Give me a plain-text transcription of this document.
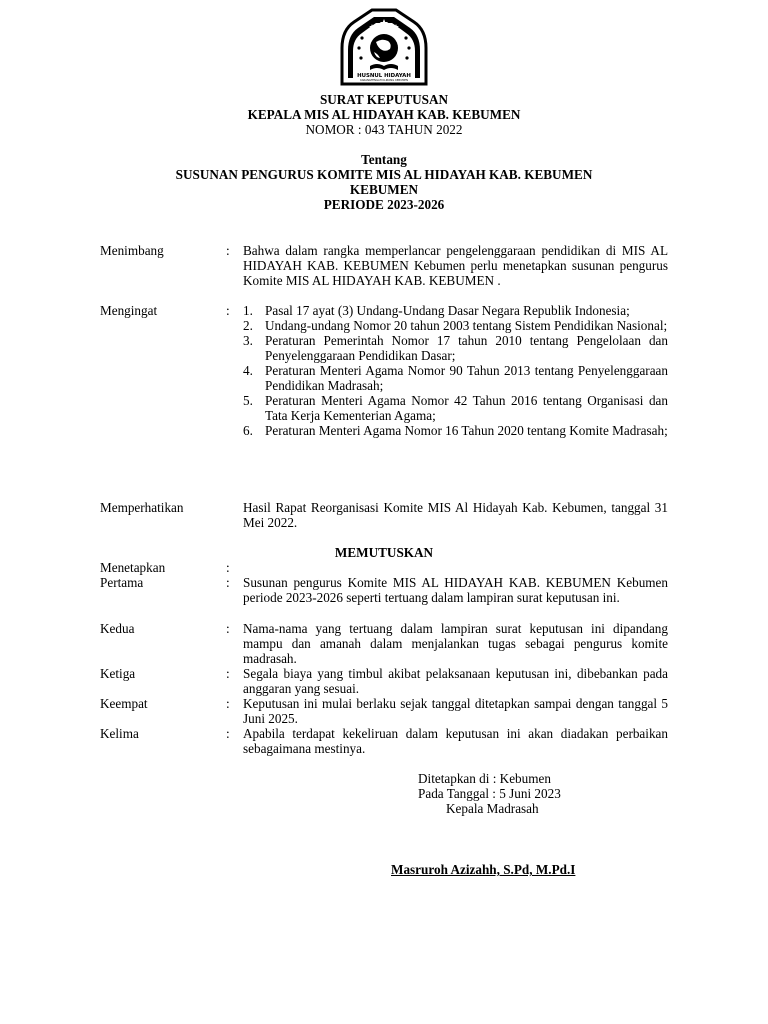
HUSNUL HIDAYAH
KARANGTENGAH KLIRONG KEBUMEN
SURAT KEPUTUSAN
KEPALA MIS AL HIDAYAH KAB. KEBUMEN
NOMOR : 043 TAHUN 2022
Tentang
SUSUNAN PENGURUS KOMITE MIS AL HIDAYAH KAB. KEBUMEN
KEBUMEN
PERIODE 2023-2026
Menimbang	: Bahwa dalam rangka memperlancar pengelenggaraan pendidikan di MIS AL HIDAYAH KAB. KEBUMEN Kebumen perlu menetapkan susunan pengurus Komite MIS AL HIDAYAH KAB. KEBUMEN .
Mengingat	: 1. Pasal 17 ayat (3) Undang-Undang Dasar Negara Republik Indonesia;
2. Undang-undang Nomor 20 tahun 2003 tentang Sistem Pendidikan Nasional;
3. Peraturan Pemerintah Nomor 17 tahun 2010 tentang Pengelolaan dan Penyelenggaraan Pendidikan Dasar;
4. Peraturan Menteri Agama Nomor 90 Tahun 2013 tentang Penyelenggaraan Pendidikan Madrasah;
5. Peraturan Menteri Agama Nomor 42 Tahun 2016 tentang Organisasi dan Tata Kerja Kementerian Agama;
6. Peraturan Menteri Agama Nomor 16 Tahun 2020 tentang Komite Madrasah;
Memperhatikan	Hasil Rapat Reorganisasi Komite MIS Al Hidayah Kab. Kebumen, tanggal 31 Mei 2022.
MEMUTUSKAN
Menetapkan	:
Pertama	: Susunan pengurus Komite MIS AL HIDAYAH KAB. KEBUMEN Kebumen periode 2023-2026 seperti tertuang dalam lampiran surat keputusan ini.
Kedua	: Nama-nama yang tertuang dalam lampiran surat keputusan ini dipandang mampu dan amanah dalam menjalankan tugas sebagai pengurus komite madrasah.
Ketiga	: Segala biaya yang timbul akibat pelaksanaan keputusan ini, dibebankan pada anggaran yang sesuai.
Keempat	: Keputusan ini mulai berlaku sejak tanggal ditetapkan sampai dengan tanggal 5 Juni 2025.
Kelima	: Apabila terdapat kekeliruan dalam keputusan ini akan diadakan perbaikan sebagaimana mestinya.
Ditetapkan di : Kebumen
Pada Tanggal : 5 Juni 2023
Kepala Madrasah
Masruroh Azizahh, S.Pd, M.Pd.I
